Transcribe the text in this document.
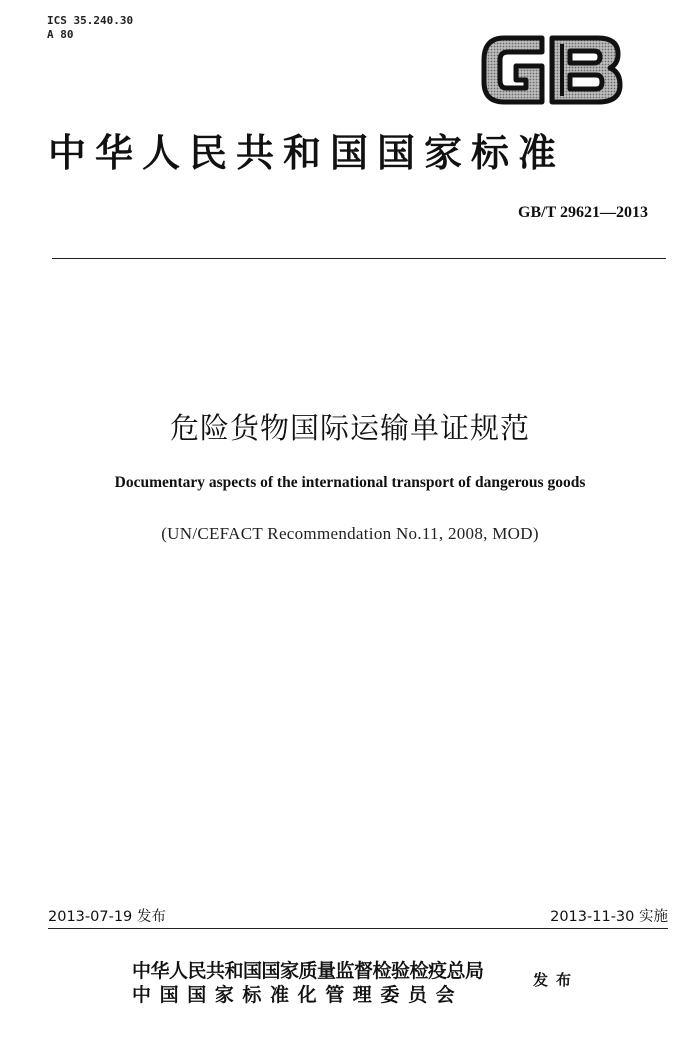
ICS 35.240.30
A 80
中华人民共和国国家标准
GB/T 29621—2013
危险货物国际运输单证规范
Documentary aspects of the international transport of dangerous goods
(UN/CEFACT Recommendation No.11, 2008, MOD)
2013-07-19 发布	2013-11-30 实施
中华人民共和国国家质量监督检验检疫总局
中国国家标准化管理委员会
发布
